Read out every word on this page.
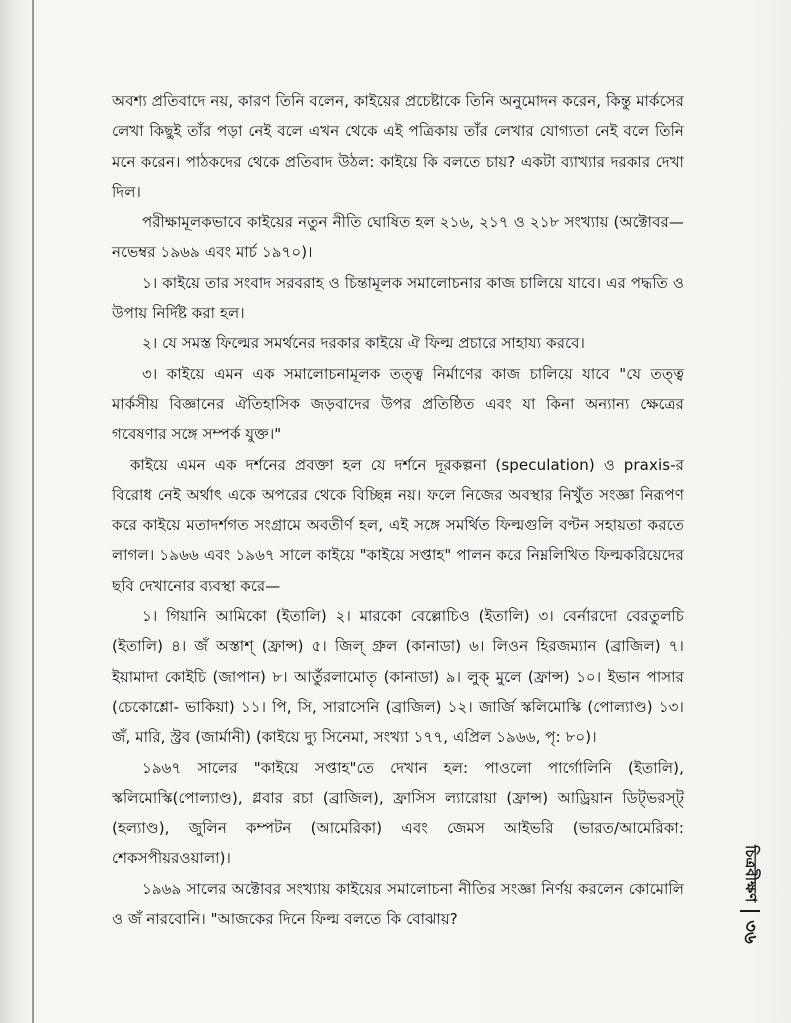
অবশ্য প্রতিবাদে নয়, কারণ তিনি বলেন, কাইয়ের প্রচেষ্টাকে তিনি অনুমোদন করেন, কিন্তু মার্কসের লেখা কিছুই তাঁর পড়া নেই বলে এখন থেকে এই পত্রিকায় তাঁর লেখার যোগ্যতা নেই বলে তিনি মনে করেন। পাঠকদের থেকে প্রতিবাদ উঠল: কাইয়ে কি বলতে চায়? একটা ব্যাখ্যার দরকার দেখা দিল।

পরীক্ষামূলকভাবে কাইয়ের নতুন নীতি ঘোষিত হল ২১৬, ২১৭ ও ২১৮ সংখ্যায় (অক্টোবর—নভেম্বর ১৯৬৯ এবং মার্চ ১৯৭০)।

১। কাইয়ে তার সংবাদ সরবরাহ ও চিন্তামূলক সমালোচনার কাজ চালিয়ে যাবে। এর পদ্ধতি ও উপায় নির্দিষ্ট করা হল।

২। যে সমস্ত ফিল্মের সমর্থনের দরকার কাইয়ে ঐ ফিল্ম প্রচারে সাহায্য করবে।

৩। কাইয়ে এমন এক সমালোচনামূলক তত্ত্ব নির্মাণের কাজ চালিয়ে যাবে "যে তত্ত্ব মার্কসীয় বিজ্ঞানের ঐতিহাসিক জড়বাদের উপর প্রতিষ্ঠিত এবং যা কিনা অন্যান্য ক্ষেত্রের গবেষণার সঙ্গে সম্পর্ক যুক্ত।"

কাইয়ে এমন এক দর্শনের প্রবক্তা হল যে দর্শনে দূরকল্পনা (speculation) ও praxis-র বিরোধ নেই অর্থাৎ একে অপরের থেকে বিচ্ছিন্ন নয়। ফলে নিজের অবস্থার নিখুঁত সংজ্ঞা নিরূপণ করে কাইয়ে মতাদর্শগত সংগ্রামে অবতীর্ণ হল, এই সঙ্গে সমর্থিত ফিল্মগুলি বণ্টন সহায়তা করতে লাগল। ১৯৬৬ এবং ১৯৬৭ সালে কাইয়ে "কাইয়ে সপ্তাহ" পালন করে নিম্নলিখিত ফিল্মকরিয়েদের ছবি দেখানোর ব্যবস্থা করে—

১। গিয়ানি আমিকো (ইতালি) ২। মারকো বেল্লোচিও (ইতালি) ৩। বের্নারদো বেরতুলচি (ইতালি) ৪। জঁ অস্তাশ্ (ফ্রান্স) ৫। জিল্ গ্রুল (কানাডা) ৬। লিওন হিরজম্যান (ব্রাজিল) ৭। ইয়ামাদা কোইচি (জাপান) ৮। আর্তুঁরলামোতৃ (কানাডা) ৯। লুক্ মুলে (ফ্রান্স) ১০। ইভান পাসার (চেকোশ্লো- ভাকিয়া) ১১। পি, সি, সারাসেনি (ব্রাজিল) ১২। জার্জি স্কলিমোস্কি (পোল্যাণ্ড) ১৩। জঁ, মারি, স্ট্রব (জার্মানী) (কাইয়ে দ্যু সিনেমা, সংখ্যা ১৭৭, এপ্রিল ১৯৬৬, পৃ: ৮০)।

১৯৬৭ সালের "কাইয়ে সপ্তাহ"তে দেখান হল: পাওলো পার্গোলিনি (ইতালি), স্কলিমোস্কি(পোল্যাণ্ড), গ্লবার রচা (ব্রাজিল), ফ্রাসিস ল্যারোয়া (ফ্রান্স) আড্রিয়ান ডিট্ভরস্ট্ (হল্যাণ্ড), জুলিন কম্পটন (আমেরিকা) এবং জেমস আইভরি (ভারত/আমেরিকা: শেকসপীয়রওয়ালা)।

১৯৬৯ সালের অক্টোবর সংখ্যায় কাইয়ের সমালোচনা নীতির সংজ্ঞা নির্ণয় করলেন কোমোলি ও জঁ নারবোনি। "আজকের দিনে ফিল্ম বলতে কি বোঝায়?

চিত্রবীক্ষণ
৩৬
